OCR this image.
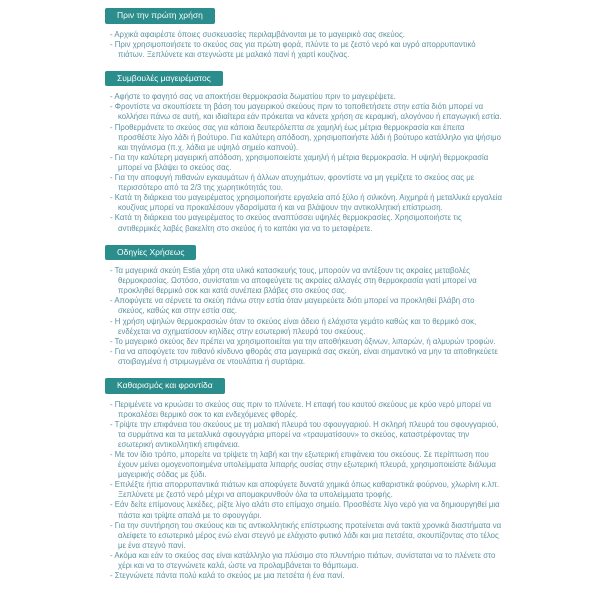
Πριν την πρώτη χρήση
- Αρχικά αφαιρέστε όποιες συσκευασίες περιλαμβάνονται με το μαγειρικό σας σκεύος.
- Πριν χρησιμοποιήσετε το σκεύος σας για πρώτη φορά, πλύντε το με ζεστό νερό και υγρό απορρυπαντικό πιάτων. Ξεπλύνετε και στεγνώστε με μαλακό πανί ή χαρτί κουζίνας.
Συμβουλές μαγειρέματος
- Αφήστε το φαγητό σας να αποκτήσει θερμοκρασία δωματίου πριν το μαγειρέψετε.
- Φροντίστε να σκουπίσετε τη βάση του μαγειρικού σκεύους πριν το τοποθετήσετε στην εστία διότι μπορεί να κολλήσει πάνω σε αυτή, και ιδιαίτερα εάν πρόκειται να κάνετε χρήση σε κεραμική, αλογόνου ή επαγωγική εστία.
- Προθερμάνετε το σκεύος σας για κάποια δευτερόλεπτα σε χαμηλή έως μέτρια θερμοκρασία και έπειτα προσθέστε λίγο λάδι ή βούτυρο. Για καλύτερη απόδοση, χρησιμοποιήστε λάδι ή βούτυρο κατάλληλο για ψήσιμο και τηγάνισμα (π.χ. λάδια με υψηλό σημείο καπνού).
- Για την καλύτερη μαγειρική απόδοση, χρησιμοποιείστε χαμηλή ή μέτρια θερμοκρασία. Η υψηλή θερμοκρασία μπορεί να βλάψει το σκεύος σας.
- Για την αποφυγή πιθανών εγκαυμάτων ή άλλων ατυχημάτων, φροντίστε να μη γεμίζετε το σκεύος σας με περισσότερο από τα 2/3 της χωρητικότητάς του.
- Κατά τη διάρκεια του μαγειρέματος χρησιμοποιήστε εργαλεία από ξύλο ή σιλικόνη. Αιχμηρά ή μεταλλικά εργαλεία κουζίνας μπορεί να προκαλέσουν γδαρσίματα ή και να βλάψουν την αντικολλητική επίστρωση.
- Κατά τη διάρκεια του μαγειρέματος το σκεύος αναπτύσσει υψηλές θερμοκρασίες. Χρησιμοποιήστε τις αντιθερμικές λαβές βακελίτη στο σκεύος ή το καπάκι για να το μεταφέρετε.
Οδηγίες Χρήσεως
- Τα μαγειρικά σκεύη Estia χάρη στα υλικά κατασκευής τους, μπορούν να αντέξουν τις ακραίες μεταβολές θερμοκρασίας. Ωστόσο, συνίσταται να αποφεύγετε τις ακραίες αλλαγές στη θερμοκρασία γιατί μπορεί να προκληθεί θερμικό σοκ και κατά συνέπεια βλάβες στο σκεύος σας.
- Αποφύγετε να σέρνετε τα σκεύη πάνω στην εστία όταν μαγειρεύετε διότι μπορεί να προκληθεί βλάβη στο σκεύος, καθώς και στην εστία σας.
- Η χρήση υψηλών θερμοκρασιών όταν το σκεύος είναι άδειο ή ελάχιστα γεμάτο καθώς και το θερμικό σοκ, ενδέχεται να σχηματίσουν κηλίδες στην εσωτερική πλευρά του σκεύους.
- Το μαγειρικό σκεύος δεν πρέπει να χρησιμοποιείται για την αποθήκευση όξινων, λιπαρών, ή αλμυρών τροφών.
- Για να αποφύγετε τον πιθανό κίνδυνο φθοράς στα μαγειρικά σας σκεύη, είναι σημαντικό να μην τα αποθηκεύετε στοιβαγμένα ή στριμωγμένα σε ντουλάπια ή συρτάρια.
Καθαρισμός και φροντίδα
- Περιμένετε να κρυώσει το σκεύος σας πριν το πλύνετε. Η επαφή του καυτού σκεύους με κρύο νερό μπορεί να προκαλέσει θερμικό σοκ το και ενδεχόμενες φθορές.
- Τρίψτε την επιφάνεια του σκεύους με τη μαλακή πλευρά του σφουγγαριού. Η σκληρή πλευρά του σφουγγαριού, τα συρμάτινα και τα μεταλλικά σφουγγάρια μπορεί να «τραυματίσουν» το σκεύος, καταστρέφοντας την εσωτερική αντικολλητική επιφάνεια.
- Με τον ίδιο τρόπο, μπορείτε να τρίψετε τη λαβή και την εξωτερική επιφάνεια του σκεύους. Σε περίπτωση που έχουν μείνει ομογενοποιημένα υπολείμματα λιπαρής ουσίας στην εξωτερική πλευρά, χρησιμοποιείστε διάλυμα μαγειρικής σόδας με ξύδι.
- Επιλέξτε ήπια απορρυπαντικά πιάτων και αποφύγετε δυνατά χημικά όπως καθαριστικά φούρνου, χλωρίνη κ.λπ. Ξεπλύνετε με ζεστό νερό μέχρι να απομακρυνθούν όλα τα υπολείμματα τροφής.
- Εάν δείτε επίμονους λεκέδες, ρίξτε λίγο αλάτι στο επίμαχο σημείο. Προσθέστε λίγο νερό για να δημιουργηθεί μια πάστα και τρίψτε απαλά με το σφουγγάρι.
- Για την συντήρηση του σκεύους και τις αντικολλητικής επίστρωσης προτείνεται ανά τακτά χρονικά διαστήματα να αλείφετε το εσωτερικό μέρος ενώ είναι στεγνό με ελάχιστο φυτικό λάδι και μια πετσέτα, σκουπίζοντας στο τέλος με ένα στεγνό πανί.
- Ακόμα και εάν το σκεύος σας είναι κατάλληλο για πλύσιμο στο πλυντήριο πιάτων, συνίσταται να το πλένετε στο χέρι και να το στεγνώνετε καλά, ώστε να προλαμβάνεται το θάμπωμα.
- Στεγνώνετε πάντα πολύ καλά το σκεύος με μια πετσέτα ή ένα πανί.
